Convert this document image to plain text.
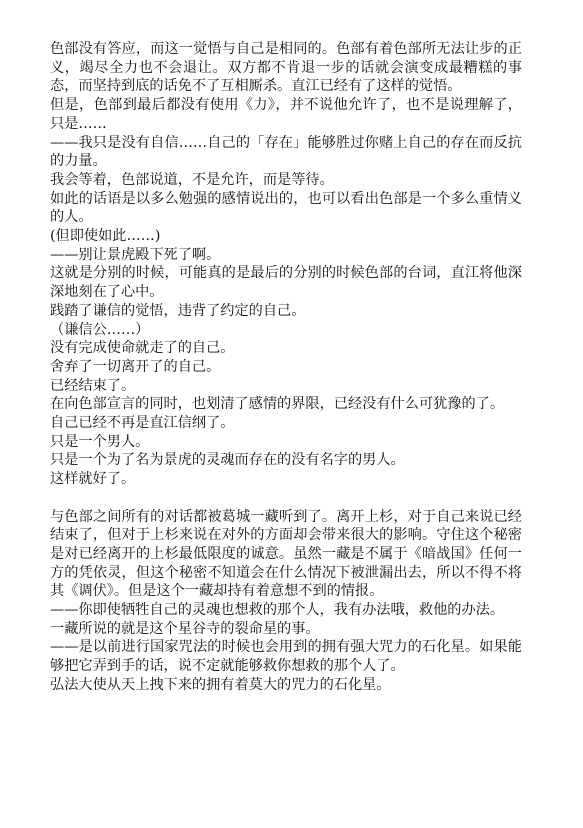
色部没有答应，而这一觉悟与自己是相同的。色部有着色部所无法让步的正义，竭尽全力也不会退让。双方都不肯退一步的话就会演变成最糟糕的事态，而坚持到底的话免不了互相厮杀。直江已经有了这样的觉悟。

但是，色部到最后都没有使用《力》，并不说他允许了，也不是说理解了，只是……

——我只是没有自信……自己的「存在」能够胜过你赌上自己的存在而反抗的力量。

我会等着，色部说道，不是允许，而是等待。

如此的话语是以多么勉强的感情说出的，也可以看出色部是一个多么重情义的人。

(但即使如此……)

——别让景虎殿下死了啊。

这就是分别的时候，可能真的是最后的分别的时候色部的台词，直江将他深深地刻在了心中。

践踏了谦信的觉悟，违背了约定的自己。

（谦信公……）

没有完成使命就走了的自己。

舍弃了一切离开了的自己。

已经结束了。

在向色部宣言的同时，也划清了感情的界限，已经没有什么可犹豫的了。

自己已经不再是直江信纲了。

只是一个男人。

只是一个为了名为景虎的灵魂而存在的没有名字的男人。

这样就好了。

与色部之间所有的对话都被葛城一藏听到了。离开上杉，对于自己来说已经结束了，但对于上杉来说在对外的方面却会带来很大的影响。守住这个秘密是对已经离开的上杉最低限度的诚意。虽然一藏是不属于《暗战国》任何一方的凭依灵，但这个秘密不知道会在什么情况下被泄漏出去，所以不得不将其《调伏》。但是这个一藏却持有着意想不到的情报。

——你即使牺牲自己的灵魂也想救的那个人，我有办法哦，救他的办法。

一藏所说的就是这个星谷寺的裂命星的事。

——是以前进行国家咒法的时候也会用到的拥有强大咒力的石化星。如果能够把它弄到手的话，说不定就能够救你想救的那个人了。

弘法大使从天上拽下来的拥有着莫大的咒力的石化星。
